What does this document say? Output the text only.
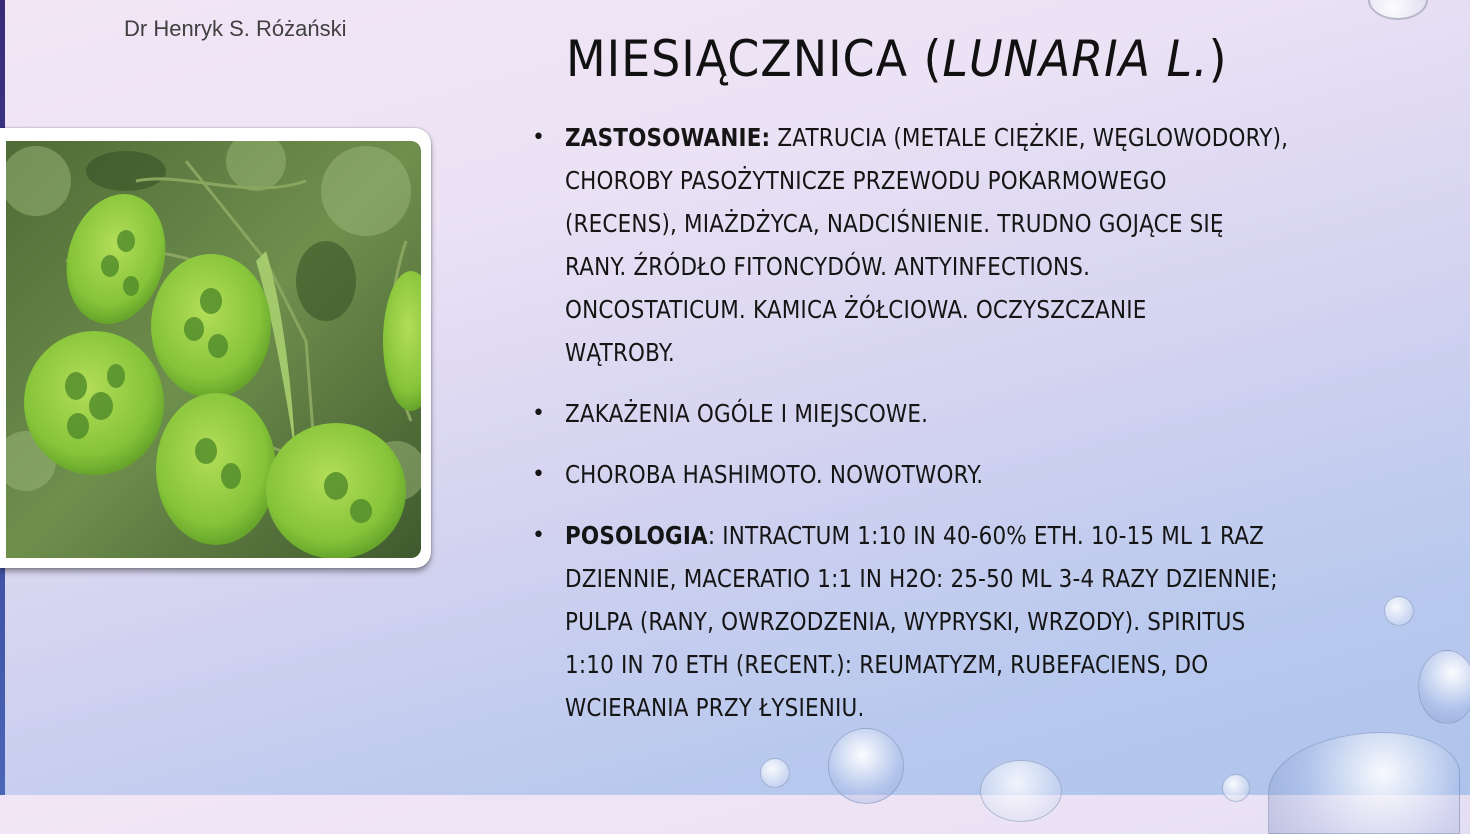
Dr Henryk S. Różański
MIESIĄCZNICA (LUNARIA L.)
• ZASTOSOWANIE: ZATRUCIA (METALE CIĘŻKIE, WĘGLOWODORY),
CHOROBY PASOŻYTNICZE PRZEWODU POKARMOWEGO
(RECENS), MIAŻDŻYCA, NADCIŚNIENIE. TRUDNO GOJĄCE SIĘ
RANY. ŹRÓDŁO FITONCYDÓW. ANTYINFECTIONS.
ONCOSTATICUM. KAMICA ŻÓŁCIOWA. OCZYSZCZANIE
WĄTROBY.
• ZAKAŻENIA OGÓLE I MIEJSCOWE.
• CHOROBA HASHIMOTO. NOWOTWORY.
• POSOLOGIA: INTRACTUM 1:10 IN 40-60% ETH. 10-15 ML 1 RAZ
DZIENNIE, MACERATIO 1:1 IN H2O: 25-50 ML 3-4 RAZY DZIENNIE;
PULPA (RANY, OWRZODZENIA, WYPRYSKI, WRZODY). SPIRITUS
1:10 IN 70 ETH (RECENT.): REUMATYZM, RUBEFACIENS, DO
WCIERANIA PRZY ŁYSIENIU.
